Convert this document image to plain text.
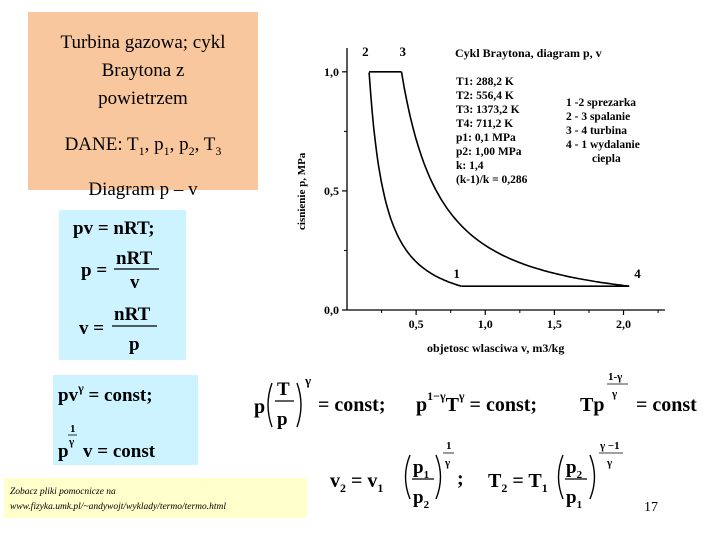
Turbina gazowa; cykl
Braytona z
powietrzem
DANE: $T_1$, $p_1$, $p_2$, $T_3$
Diagram p – v
pv = nRT;
p =
nRT
v
v =
nRT
p
$pv^\gamma$ = const;
p
1
γ v = const
p
T
p
γ
= const; $p^{1-\gamma}T^\gamma$ = const; Tp
1-γ
γ = const
$v_2 = v_1$
$p_1$
$p_2$
1
γ
; $T_2 = T_1$
$p_2$
$p_1$
γ −1
γ
Zobacz pliki pomocnicze na
www.fizyka.umk.pl/~andywojt/wyklady/termo/termo.html	17
Cykl Braytona, diagram p, v
objetosc wlasciwa v, m3/kg
0,5	1,0	1,5	2,0
0,0
0,5
1,0
cisnienie p, MPa
1
2 3
4
T1: 288,2 K
T2: 556,4 K
T3: 1373,2 K
T4: 711,2 K
p1: 0,1 MPa
p2: 1,00 MPa
k: 1,4
(k-1)/k = 0,286
1 -2 sprezarka
2 - 3 spalanie
3 - 4 turbina
4 - 1 wydalanie
ciepla
